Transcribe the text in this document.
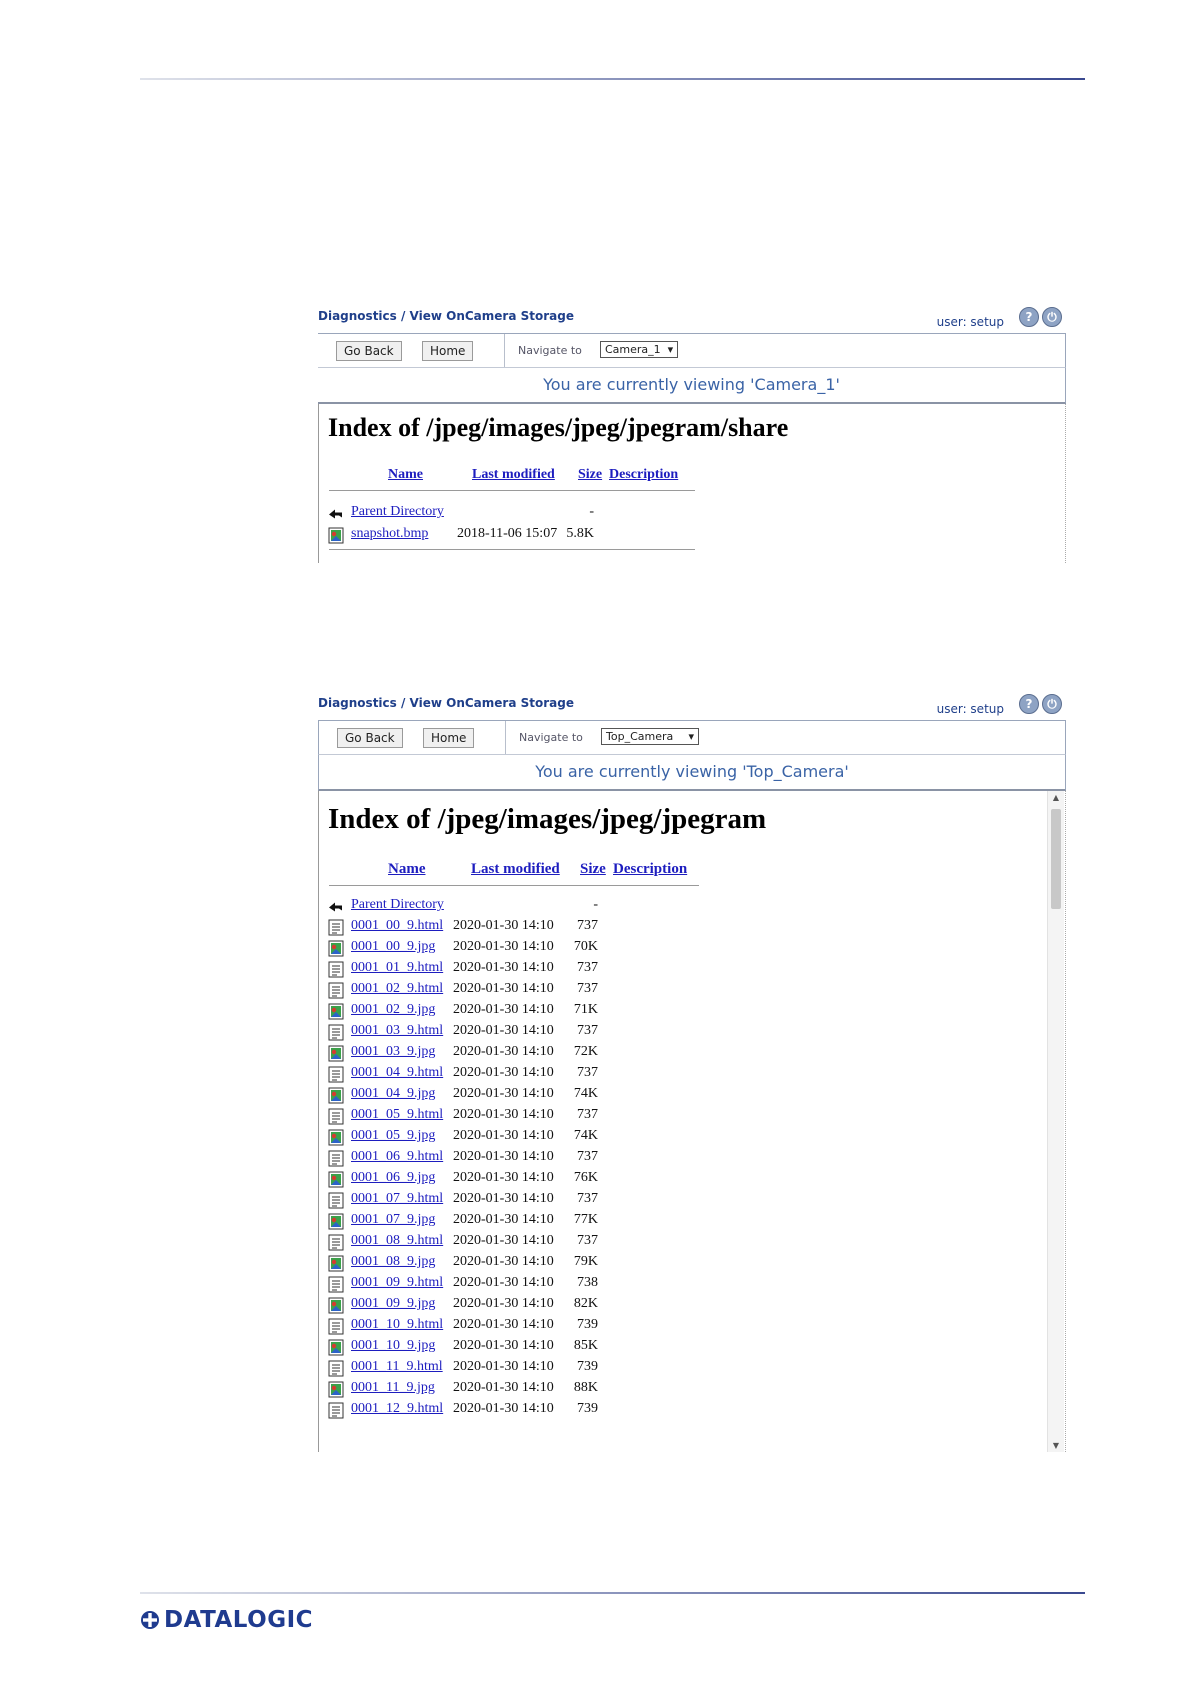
Diagnostics / View OnCamera Storage	user: setup	?	⏻
Go Back	Home	Navigate to	Camera_1  ▾
You are currently viewing 'Camera_1'
Index of /jpeg/images/jpeg/jpegram/share
Name	Last modified Size Description
Parent Directory	-
snapshot.bmp 2018-11-06 15:07 5.8K
Diagnostics / View OnCamera Storage	user: setup	?	⏻
Go Back	Home	Navigate to	Top_Camera ▾
You are currently viewing 'Top_Camera'
Index of /jpeg/images/jpeg/jpegram
Name	Last modified Size Description
Parent Directory	-
0001_00_9.html 2020-01-30 14:10	737
0001_00_9.jpg 2020-01-30 14:10	70K
0001_01_9.html 2020-01-30 14:10	737
0001_02_9.html 2020-01-30 14:10	737
0001_02_9.jpg 2020-01-30 14:10	71K
0001_03_9.html 2020-01-30 14:10	737
0001_03_9.jpg 2020-01-30 14:10	72K
0001_04_9.html 2020-01-30 14:10	737
0001_04_9.jpg 2020-01-30 14:10	74K
0001_05_9.html 2020-01-30 14:10	737
0001_05_9.jpg 2020-01-30 14:10	74K
0001_06_9.html 2020-01-30 14:10	737
0001_06_9.jpg 2020-01-30 14:10	76K
0001_07_9.html 2020-01-30 14:10	737
0001_07_9.jpg 2020-01-30 14:10	77K
0001_08_9.html 2020-01-30 14:10	737
0001_08_9.jpg 2020-01-30 14:10	79K
0001_09_9.html 2020-01-30 14:10	738
0001_09_9.jpg 2020-01-30 14:10	82K
0001_10_9.html 2020-01-30 14:10	739
0001_10_9.jpg 2020-01-30 14:10	85K
0001_11_9.html 2020-01-30 14:10	739
0001_11_9.jpg 2020-01-30 14:10	88K
0001_12_9.html 2020-01-30 14:10	739
▲
▼
DATALOGIC
